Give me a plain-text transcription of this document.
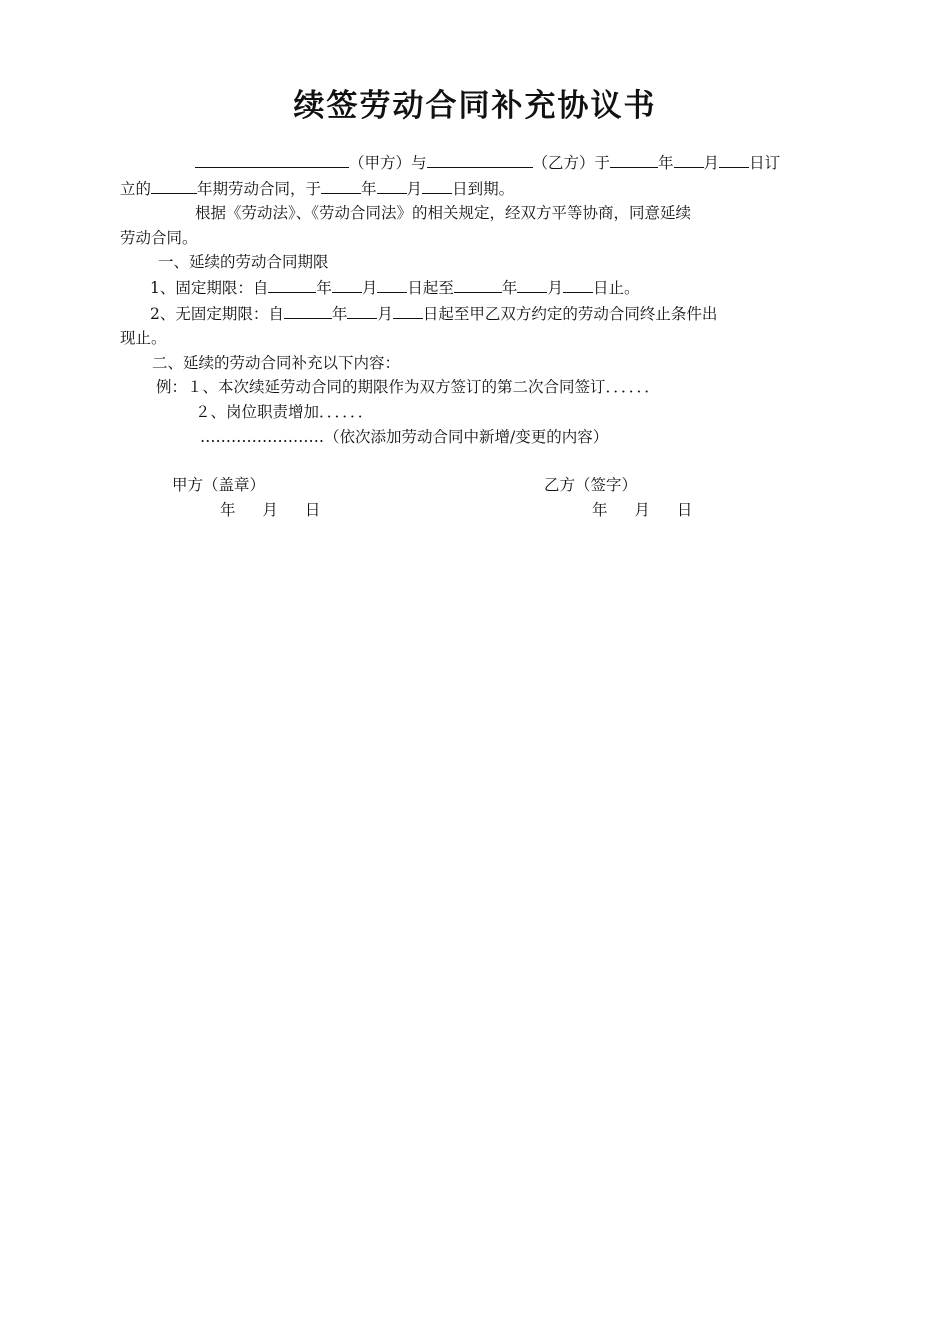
续签劳动合同补充协议书
（甲方）与	（乙方）于	年 月 日订
立的	年期劳动合同，于	年 月 日到期。
根据《劳动法》、《劳动合同法》的相关规定，经双方平等协商，同意延续
劳动合同。
一、延续的劳动合同期限
1、固定期限：自	年 月 日起至	年 月 日止。
2、无固定期限：自	年 月 日起至甲乙双方约定的劳动合同终止条件出
现止。
二、延续的劳动合同补充以下内容：
例：１、本次续延劳动合同的期限作为双方签订的第二次合同签订．．．．．．
２、岗位职责增加．．．．．．
……………………（依次添加劳动合同中新增/变更的内容）
甲方（盖章）	乙方（签字）
年 月 日	年 月 日
